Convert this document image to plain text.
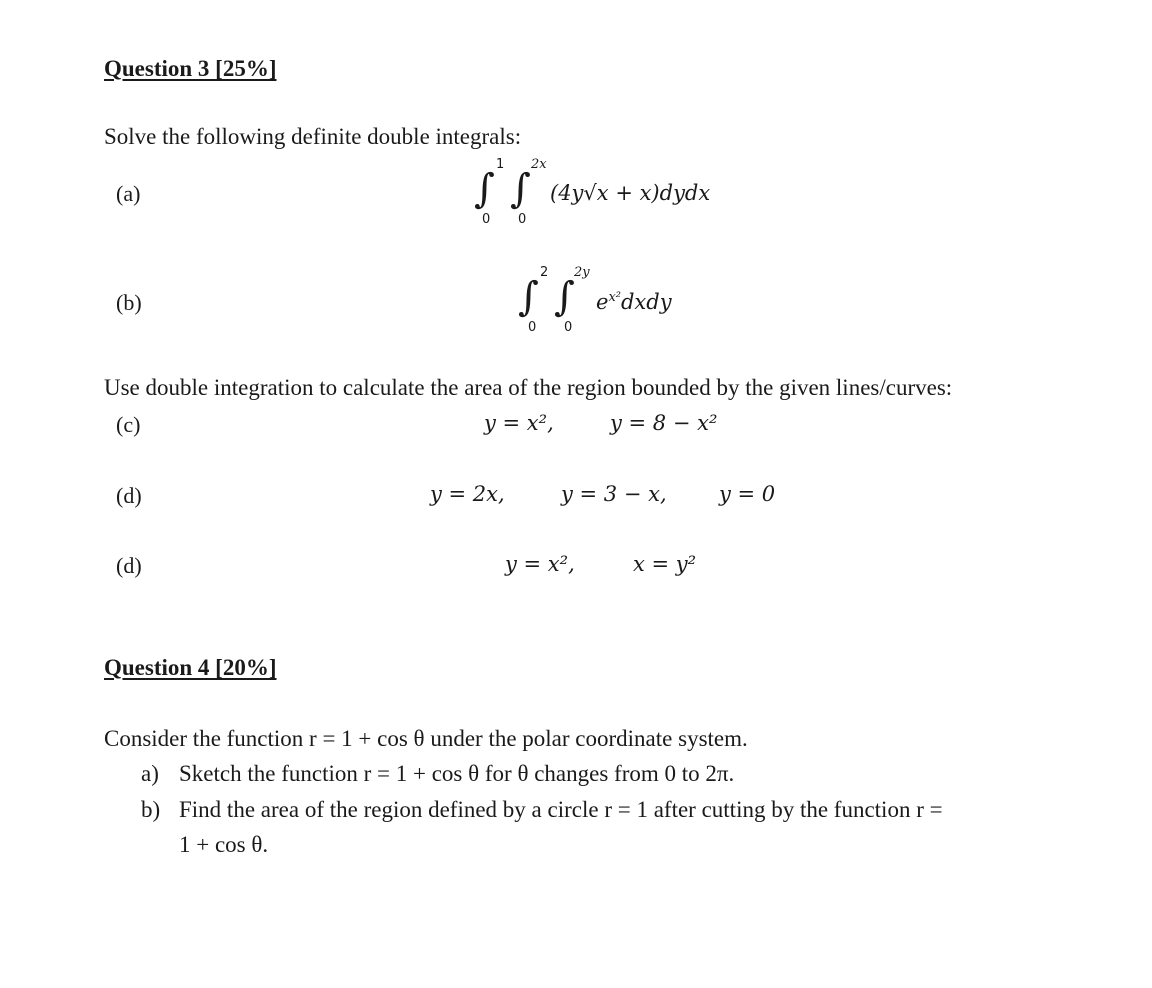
Question 3 [25%]
Solve the following definite double integrals:
(a)	∫
1
0
∫
2x
0
(4y√x + x)dydx
(b)	∫
2
0
∫
2y
0
$e^{x^2}dxdy$
Use double integration to calculate the area of the region bounded by the given lines/curves:
(c)	y = x²,	y = 8 − x²
(d)	y = 2x,	y = 3 − x, y = 0
(d)	y = x²,	x = y²
Question 4 [20%]
Consider the function r = 1 + cos θ under the polar coordinate system.
a) Sketch the function r = 1 + cos θ for θ changes from 0 to 2π.
b) Find the area of the region defined by a circle r = 1 after cutting by the function r =
1 + cos θ.
